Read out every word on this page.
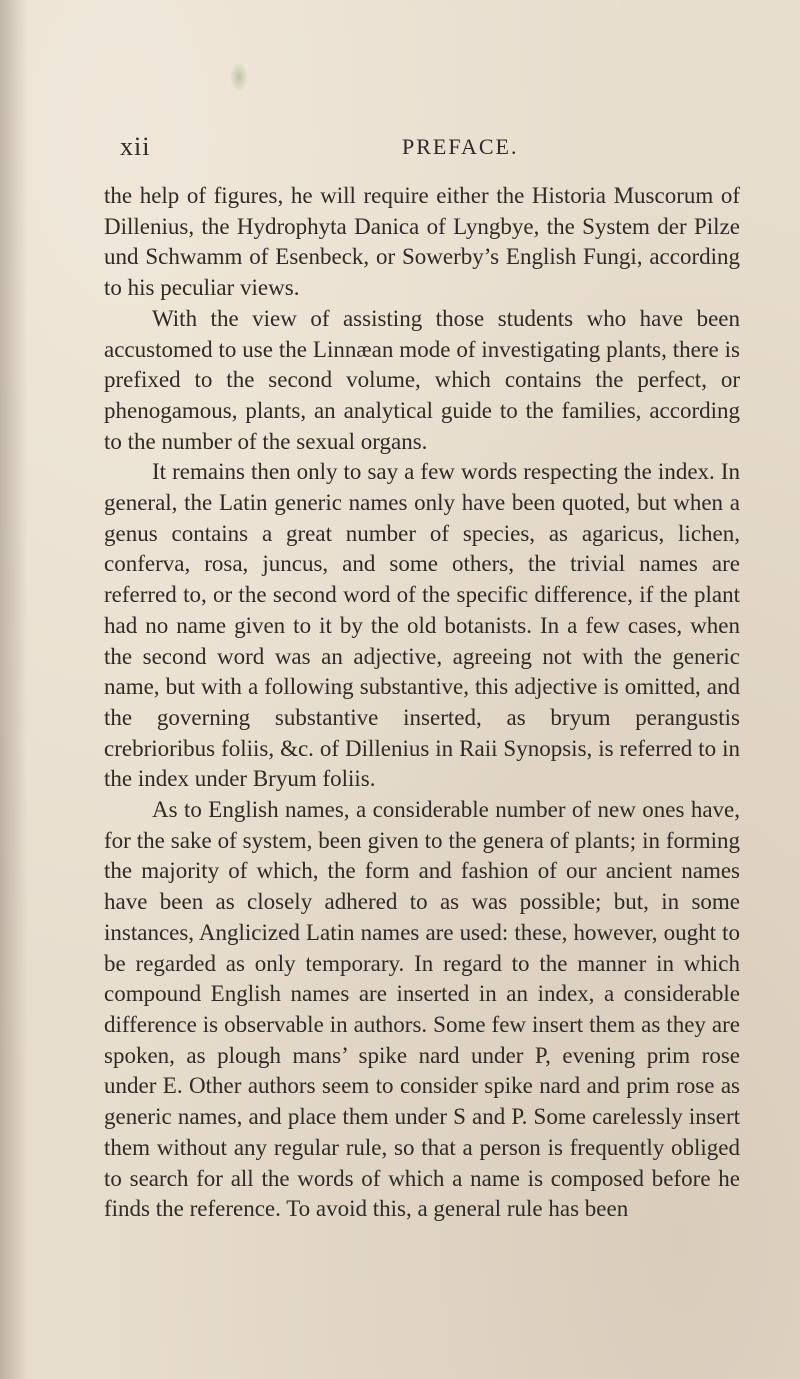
xii	PREFACE.

the help of figures, he will require either the Historia Muscorum of Dillenius, the Hydrophyta Danica of Lyngbye, the System der Pilze und Schwamm of Esenbeck, or Sowerby’s English Fungi, according to his peculiar views.

With the view of assisting those students who have been accustomed to use the Linnæan mode of investigating plants, there is prefixed to the second volume, which contains the perfect, or phenogamous, plants, an analytical guide to the families, according to the number of the sexual organs.

It remains then only to say a few words respecting the index. In general, the Latin generic names only have been quoted, but when a genus contains a great number of species, as agaricus, lichen, conferva, rosa, juncus, and some others, the trivial names are referred to, or the second word of the specific difference, if the plant had no name given to it by the old botanists. In a few cases, when the second word was an adjective, agreeing not with the generic name, but with a following substantive, this adjective is omitted, and the governing substantive inserted, as bryum perangustis crebrioribus foliis, &c. of Dillenius in Raii Synopsis, is referred to in the index under Bryum foliis.

As to English names, a considerable number of new ones have, for the sake of system, been given to the genera of plants; in forming the majority of which, the form and fashion of our ancient names have been as closely adhered to as was possible; but, in some instances, Anglicized Latin names are used: these, however, ought to be regarded as only temporary. In regard to the manner in which compound English names are inserted in an index, a considerable difference is observable in authors. Some few insert them as they are spoken, as plough mans’ spike nard under P, evening prim rose under E. Other authors seem to consider spike nard and prim rose as generic names, and place them under S and P. Some carelessly insert them without any regular rule, so that a person is frequently obliged to search for all the words of which a name is composed before he finds the reference. To avoid this, a general rule has been
